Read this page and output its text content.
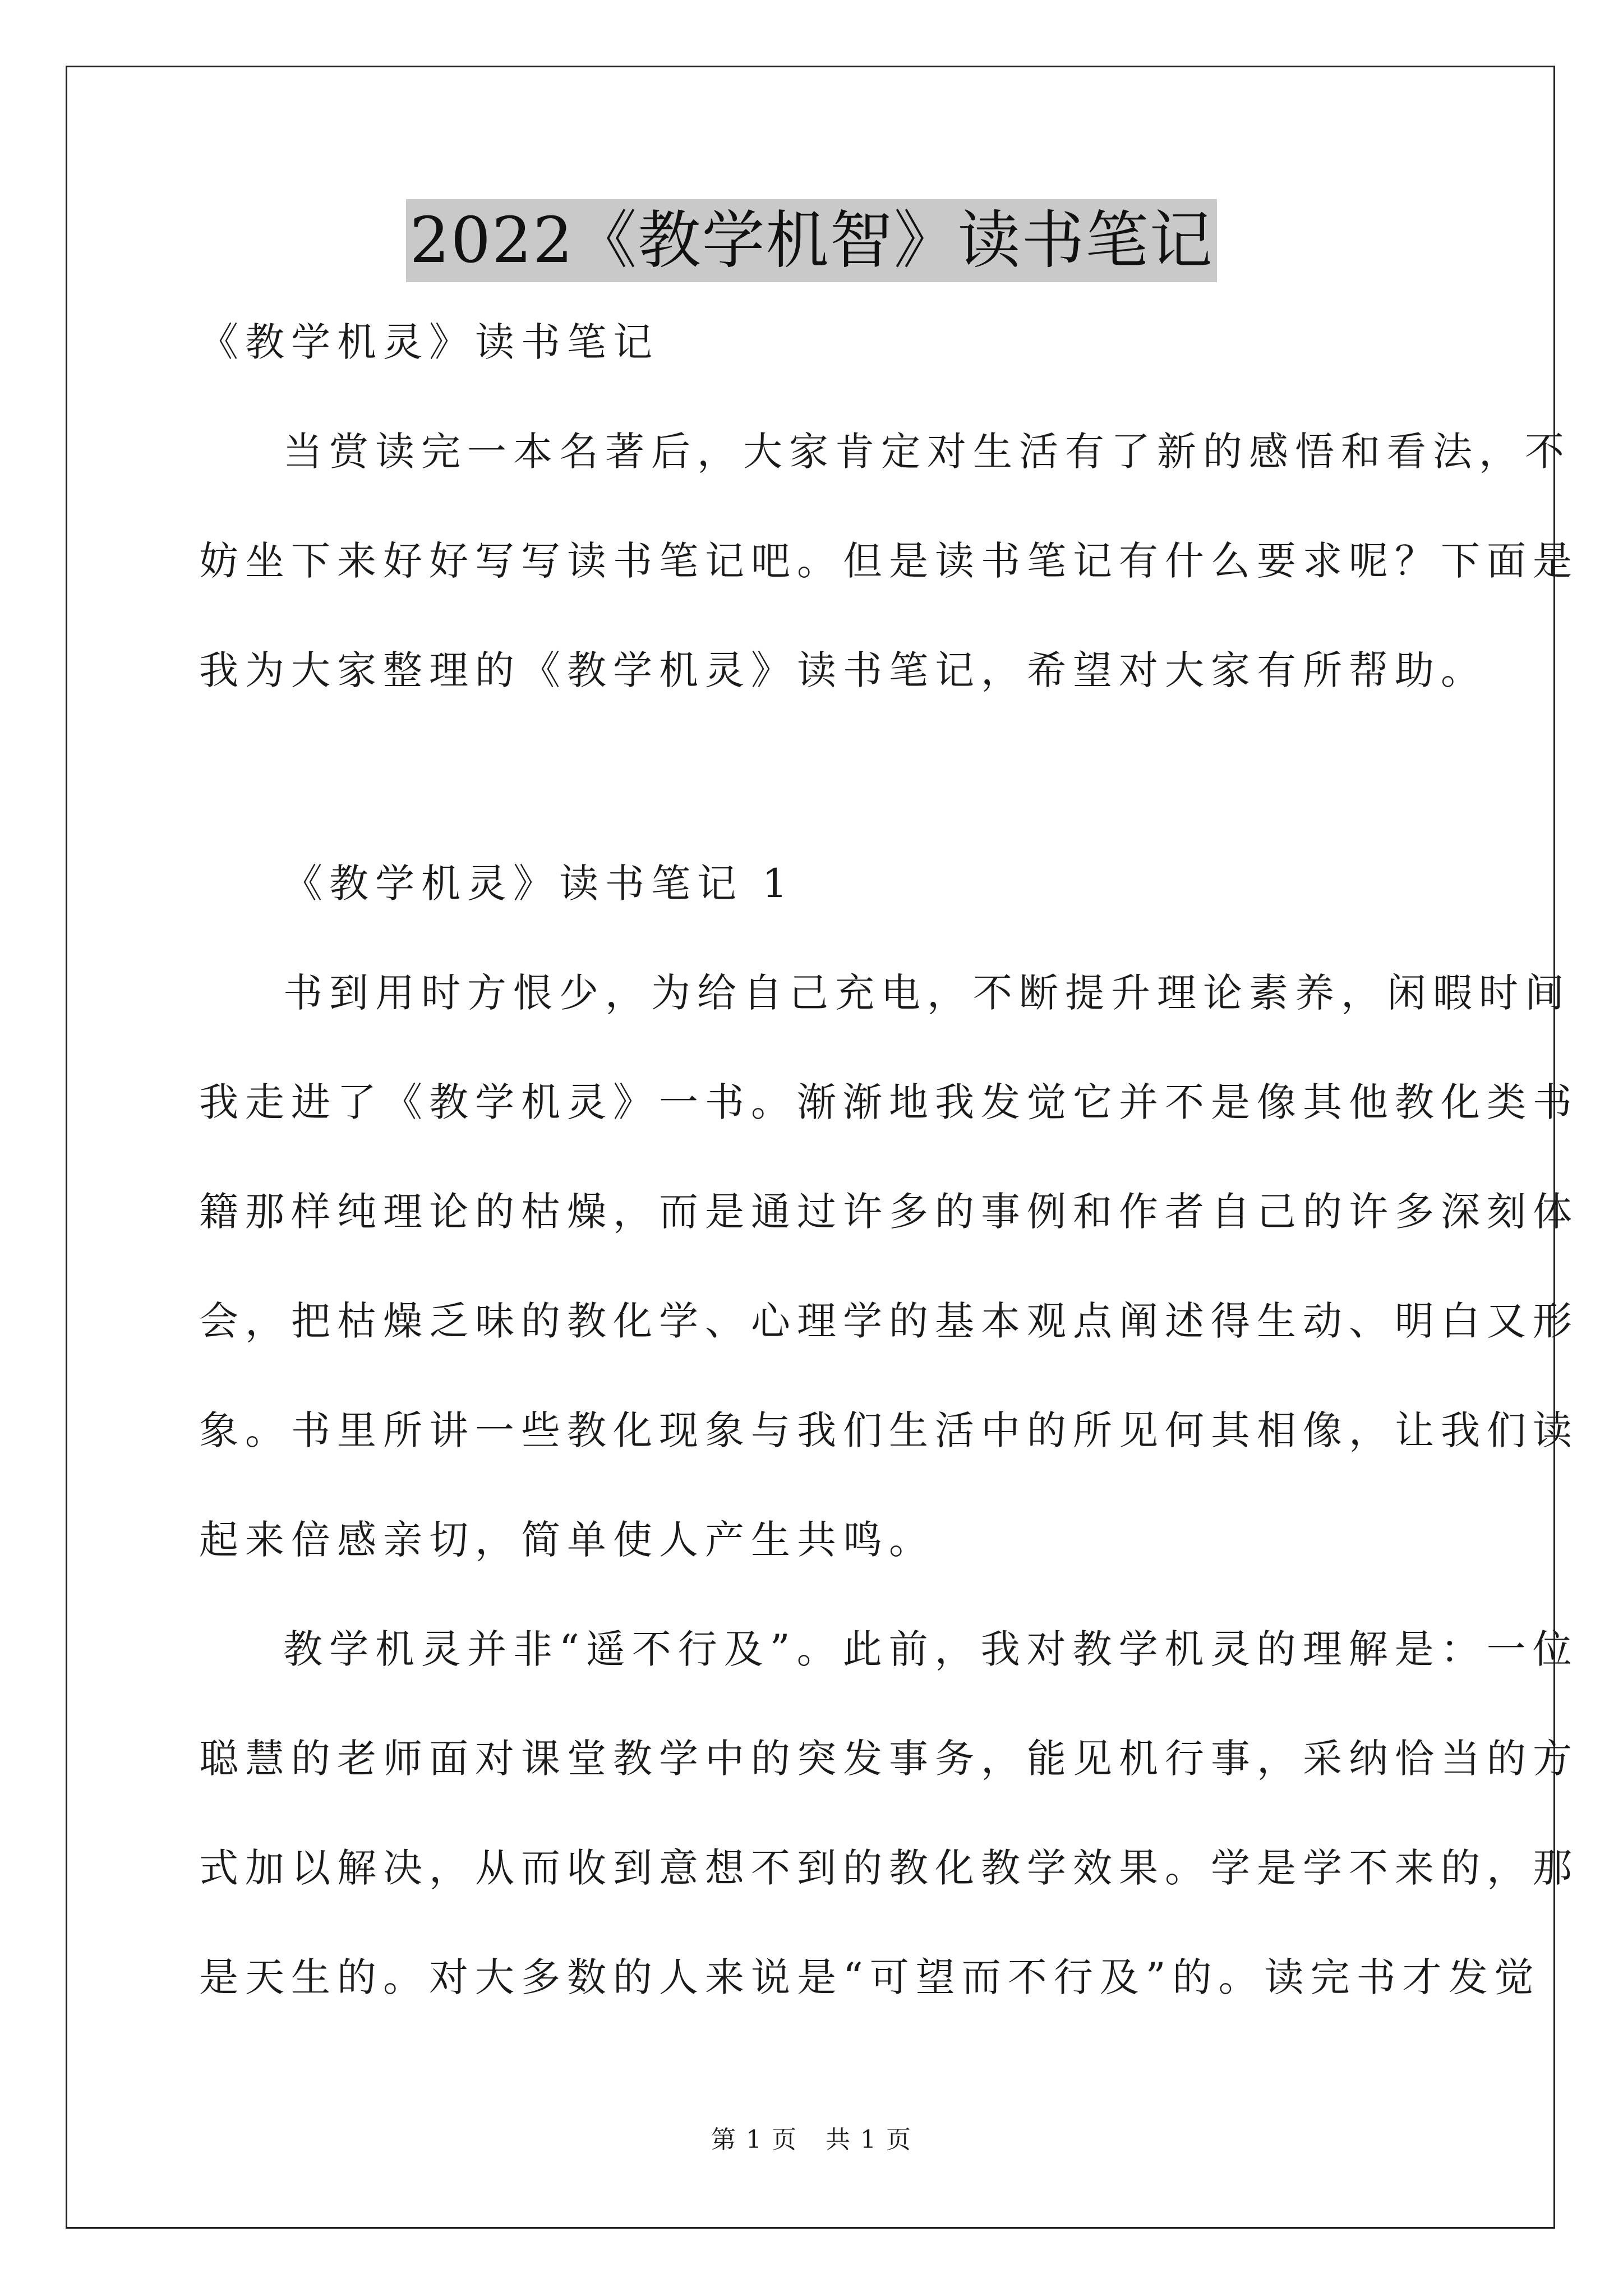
2022《教学机智》读书笔记
《教学机灵》读书笔记
当赏读完一本名著后，大家肯定对生活有了新的感悟和看法，不
妨坐下来好好写写读书笔记吧。但是读书笔记有什么要求呢？下面是
我为大家整理的《教学机灵》读书笔记，希望对大家有所帮助。
《教学机灵》读书笔记 1
书到用时方恨少，为给自己充电，不断提升理论素养，闲暇时间
我走进了《教学机灵》一书。渐渐地我发觉它并不是像其他教化类书
籍那样纯理论的枯燥，而是通过许多的事例和作者自己的许多深刻体
会，把枯燥乏味的教化学、心理学的基本观点阐述得生动、明白又形
象。书里所讲一些教化现象与我们生活中的所见何其相像，让我们读
起来倍感亲切，简单使人产生共鸣。
教学机灵并非“遥不行及”。此前，我对教学机灵的理解是：一位
聪慧的老师面对课堂教学中的突发事务，能见机行事，采纳恰当的方
式加以解决，从而收到意想不到的教化教学效果。学是学不来的，那
是天生的。对大多数的人来说是“可望而不行及”的。读完书才发觉
第 1 页 共 1 页
